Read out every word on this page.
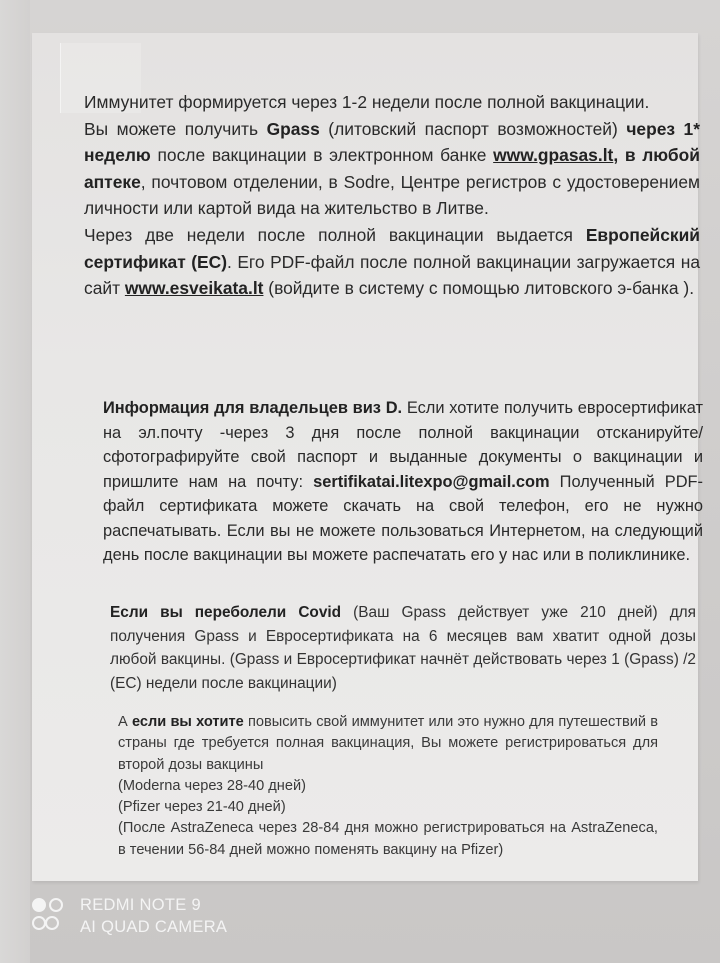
Иммунитет формируется через 1-2 недели после полной вакцинации.

Вы можете получить Gpass (литовский паспорт возможностей) через 1* неделю после вакцинации в электронном банке www.gpasas.lt, в любой аптеке, почтовом отделении, в Sodre, Центре регистров с удостоверением личности или картой вида на жительство в Литве.

Через две недели после полной вакцинации выдается Европейский сертификат (ЕС). Его PDF-файл после полной вакцинации загружается на сайт www.esveikata.lt (войдите в систему с помощью литовского э-банка ).

Информация для владельцев виз D. Если хотите получить евросертификат на эл.почту -через 3 дня после полной вакцинации отсканируйте/сфотографируйте свой паспорт и выданные документы о вакцинации и пришлите нам на почту: sertifikatai.litexpo@gmail.com Полученный PDF-файл сертификата можете скачать на свой телефон, его не нужно распечатывать. Если вы не можете пользоваться Интернетом, на следующий день после вакцинации вы можете распечатать его у нас или в поликлинике.

Если вы переболели Covid (Ваш Gpass действует уже 210 дней) для получения Gpass и Евросертификата на 6 месяцев вам хватит одной дозы любой вакцины. (Gpass и Евросертификат начнёт действовать через 1 (Gpass) /2 (ЕС) недели после вакцинации)

А если вы хотите повысить свой иммунитет или это нужно для путешествий в страны где требуется полная вакцинация, Вы можете регистрироваться для второй дозы вакцины

(Moderna через 28-40 дней)

(Pfizer через 21-40 дней)

(После AstraZeneca через 28-84 дня можно регистрироваться на AstraZeneca, в течении 56-84 дней можно поменять вакцину на Pfizer)

REDMI NOTE 9
AI QUAD CAMERA
